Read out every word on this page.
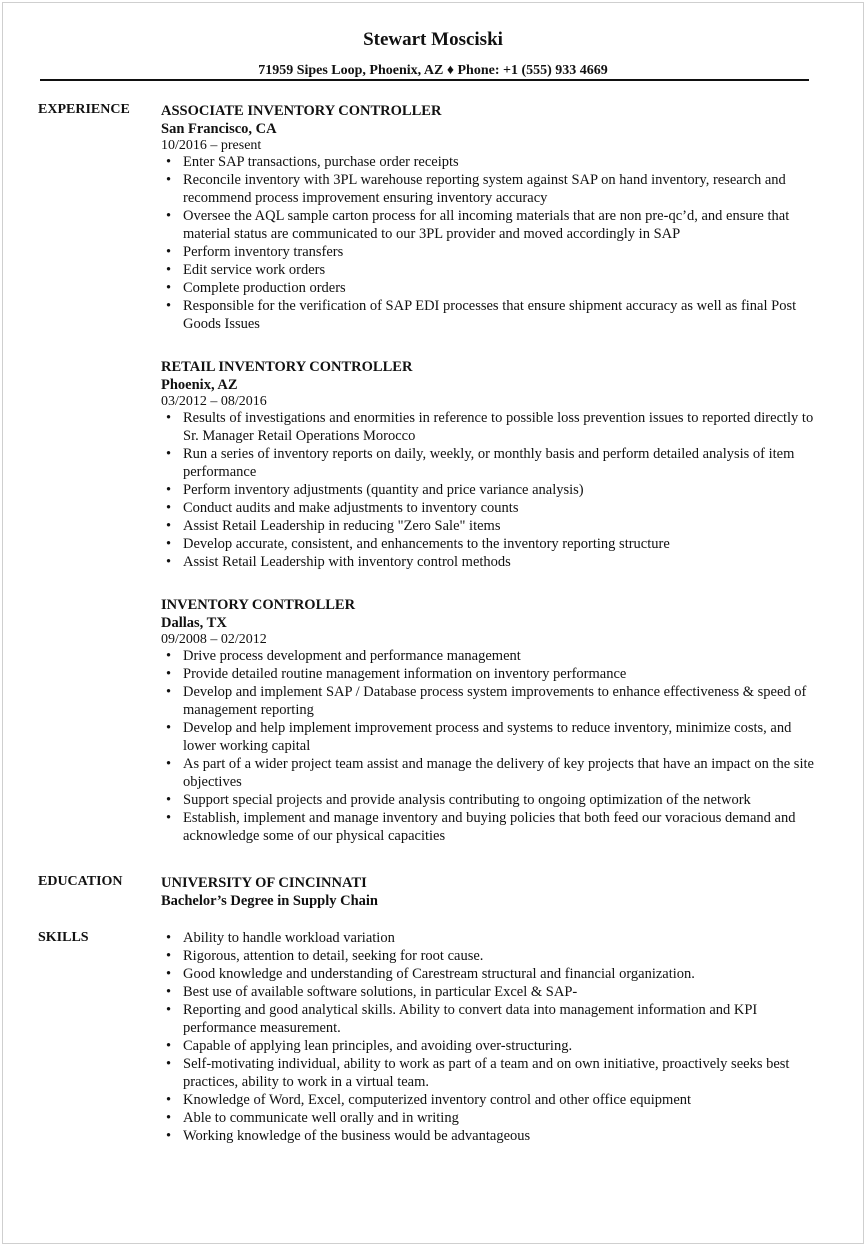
Stewart Mosciski
71959 Sipes Loop, Phoenix, AZ ♦ Phone: +1 (555) 933 4669
EXPERIENCE ASSOCIATE INVENTORY CONTROLLER
San Francisco, CA
10/2016 – present
• Enter SAP transactions, purchase order receipts
• Reconcile inventory with 3PL warehouse reporting system against SAP on hand inventory, research and recommend process improvement ensuring inventory accuracy
• Oversee the AQL sample carton process for all incoming materials that are non pre-qc’d, and ensure that material status are communicated to our 3PL provider and moved accordingly in SAP
• Perform inventory transfers
• Edit service work orders
• Complete production orders
• Responsible for the verification of SAP EDI processes that ensure shipment accuracy as well as final Post Goods Issues
RETAIL INVENTORY CONTROLLER
Phoenix, AZ
03/2012 – 08/2016
• Results of investigations and enormities in reference to possible loss prevention issues to reported directly to Sr. Manager Retail Operations Morocco
• Run a series of inventory reports on daily, weekly, or monthly basis and perform detailed analysis of item performance
• Perform inventory adjustments (quantity and price variance analysis)
• Conduct audits and make adjustments to inventory counts
• Assist Retail Leadership in reducing "Zero Sale" items
• Develop accurate, consistent, and enhancements to the inventory reporting structure
• Assist Retail Leadership with inventory control methods
INVENTORY CONTROLLER
Dallas, TX
09/2008 – 02/2012
• Drive process development and performance management
• Provide detailed routine management information on inventory performance
• Develop and implement SAP / Database process system improvements to enhance effectiveness & speed of management reporting
• Develop and help implement improvement process and systems to reduce inventory, minimize costs, and lower working capital
• As part of a wider project team assist and manage the delivery of key projects that have an impact on the site objectives
• Support special projects and provide analysis contributing to ongoing optimization of the network
• Establish, implement and manage inventory and buying policies that both feed our voracious demand and acknowledge some of our physical capacities
EDUCATION	UNIVERSITY OF CINCINNATI
Bachelor’s Degree in Supply Chain
SKILLS
•	Ability to handle workload variation
• Rigorous, attention to detail, seeking for root cause.
• Good knowledge and understanding of Carestream structural and financial organization.
• Best use of available software solutions, in particular Excel & SAP-
• Reporting and good analytical skills. Ability to convert data into management information and KPI performance measurement.
• Capable of applying lean principles, and avoiding over-structuring.
• Self-motivating individual, ability to work as part of a team and on own initiative, proactively seeks best practices, ability to work in a virtual team.
• Knowledge of Word, Excel, computerized inventory control and other office equipment
• Able to communicate well orally and in writing
• Working knowledge of the business would be advantageous
